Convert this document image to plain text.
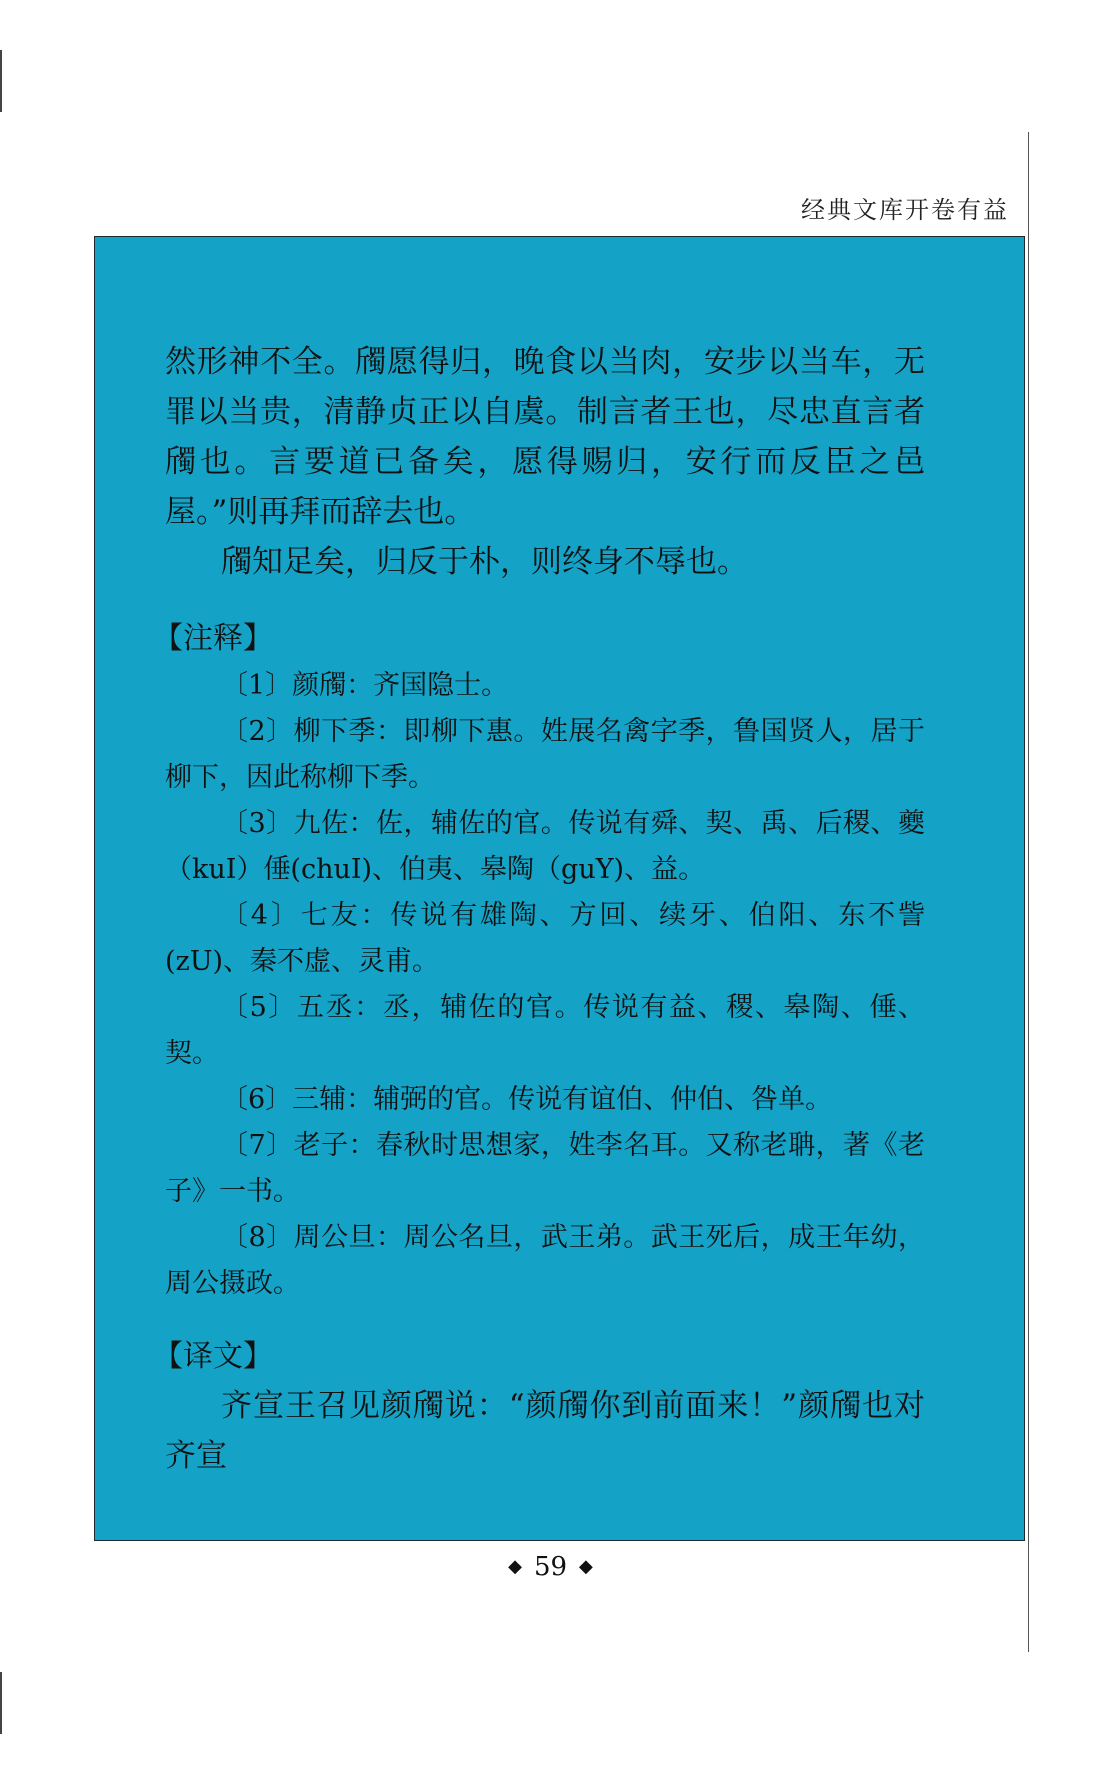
经典文库开卷有益

然形神不全。斶愿得归，晚食以当肉，安步以当车，无罪以当贵，清静贞正以自虞。制言者王也，尽忠直言者斶也。言要道已备矣，愿得赐归，安行而反臣之邑屋。”则再拜而辞去也。

斶知足矣，归反于朴，则终身不辱也。

【注释】

〔1〕颜斶：齐国隐士。

〔2〕柳下季：即柳下惠。姓展名禽字季，鲁国贤人，居于柳下，因此称柳下季。

〔3〕九佐：佐，辅佐的官。传说有舜、契、禹、后稷、夔（kuI）倕(chuI)、伯夷、皋陶（guY)、益。

〔4〕七友：传说有雄陶、方回、续牙、伯阳、东不訾(zU)、秦不虚、灵甫。

〔5〕五丞：丞，辅佐的官。传说有益、稷、皋陶、倕、契。

〔6〕三辅：辅弼的官。传说有谊伯、仲伯、咎单。

〔7〕老子：春秋时思想家，姓李名耳。又称老聃，著《老子》一书。

〔8〕周公旦：周公名旦，武王弟。武王死后，成王年幼，周公摄政。

【译文】

齐宣王召见颜斶说：“颜斶你到前面来！”颜斶也对齐宣

◆ 59 ◆
